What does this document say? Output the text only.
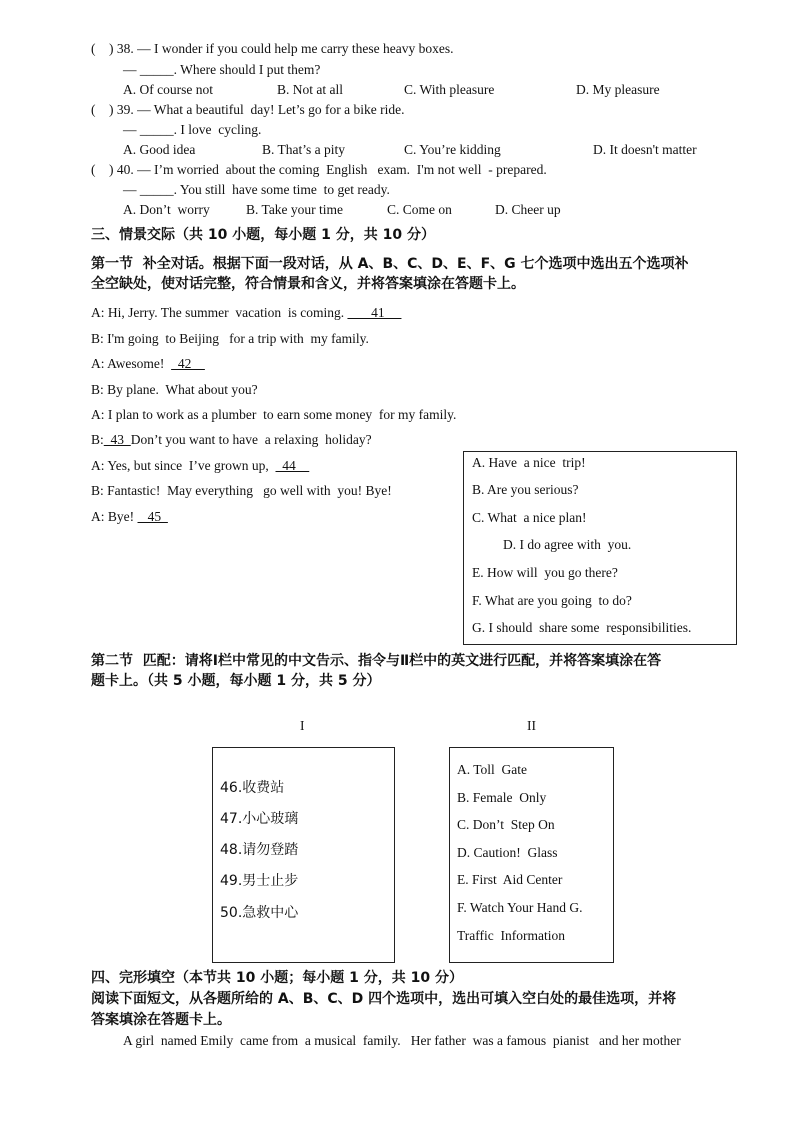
(    ) 38. — I wonder if you could help me carry these heavy boxes.
— _____. Where should I put them?
A. Of course not	B. Not at all	C. With pleasure	D. My pleasure
(    ) 39. — What a beautiful  day! Let’s go for a bike ride.
— _____. I love  cycling.
A. Good idea	B. That’s a pity	C. You’re kidding	D. It doesn't matter
(    ) 40. — I’m worried  about the coming  English   exam.  I'm not well  - prepared.
— _____. You still  have some time  to get ready.
A. Don’t  worry	B. Take your time	C. Come on	D. Cheer up
三、情景交际（共 10 小题，每小题 1 分，共 10 分）
第一节  补全对话。根据下面一段对话，从 A、B、C、D、E、F、G 七个选项中选出五个选项补
全空缺处，使对话完整，符合情景和含义，并将答案填涂在答题卡上。
A: Hi, Jerry. The summer  vacation  is coming.        41
B: I'm going  to Beijing   for a trip with  my family.
A: Awesome!    42
B: By plane.  What about you?
A: I plan to work as a plumber  to earn some money  for my family.
B:  43  Don’t you want to have  a relaxing  holiday?
A: Yes, but since  I’ve grown up,    44
B: Fantastic!  May everything   go well with  you! Bye!
A: Bye!    45
A. Have  a nice  trip!
B. Are you serious?
C. What  a nice plan!
D. I do agree with  you.
E. How will  you go there?
F. What are you going  to do?
G. I should  share some  responsibilities.
第二节  匹配：请将Ⅰ栏中常见的中文告示、指令与Ⅱ栏中的英文进行匹配，并将答案填涂在答
题卡上。（共 5 小题，每小题 1 分，共 5 分）
I	II
46.收费站
47.小心玻璃
48.请勿登踏
49.男士止步
50.急救中心
A. Toll  Gate
B. Female  Only
C. Don’t  Step On
D. Caution!  Glass
E. First  Aid Center
F. Watch Your Hand G.
Traffic  Information
四、完形填空（本节共 10 小题；每小题 1 分，共 10 分）
阅读下面短文，从各题所给的 A、B、C、D 四个选项中，选出可填入空白处的最佳选项，并将
答案填涂在答题卡上。
A girl  named Emily  came from  a musical  family.   Her father  was a famous  pianist   and her mother
